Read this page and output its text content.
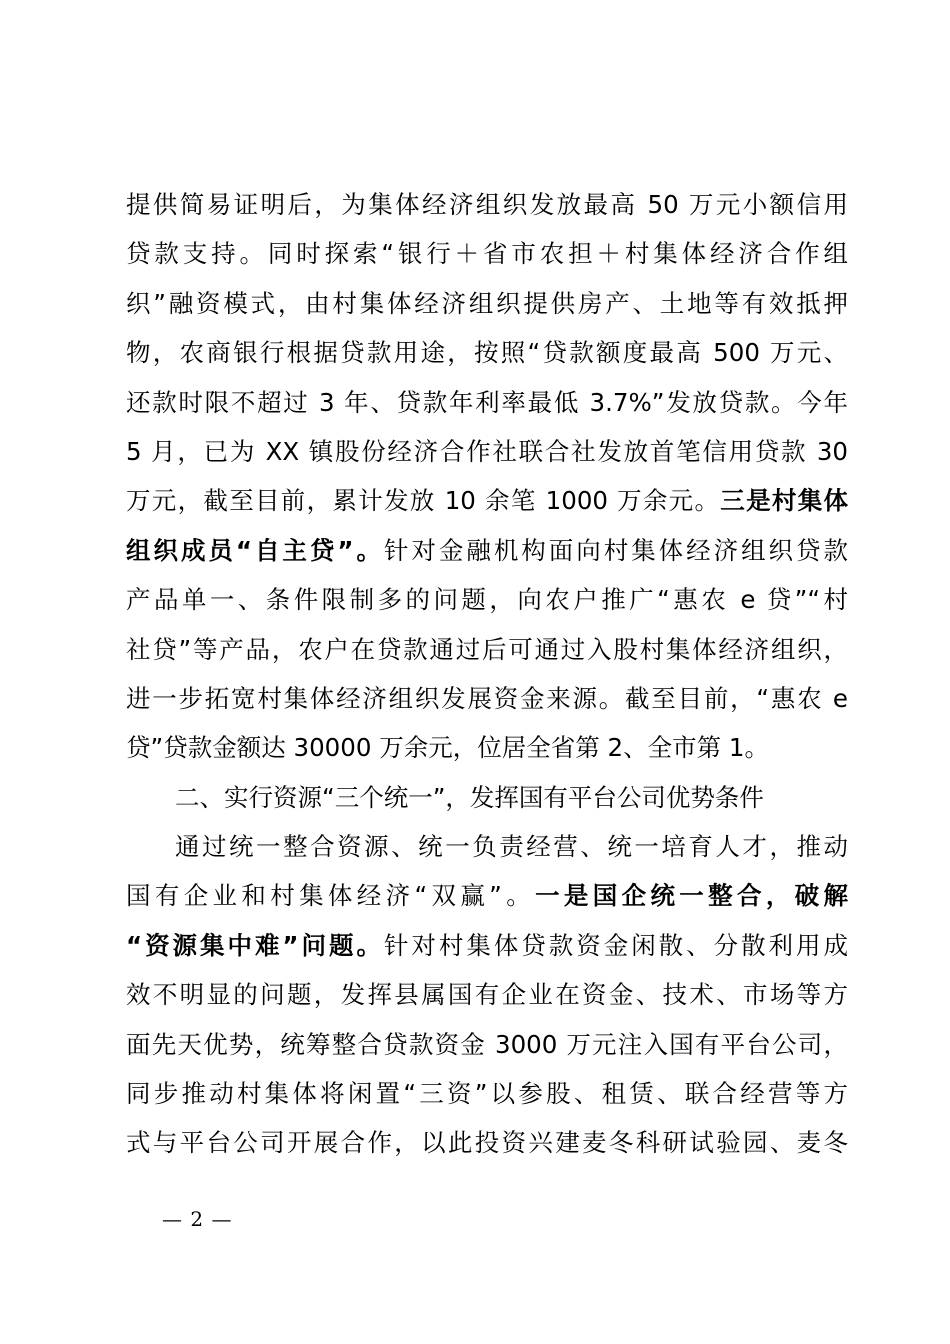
提供简易证明后，为集体经济组织发放最高 50 万元小额信用
贷款支持。同时探索“银行＋省市农担＋村集体经济合作组
织”融资模式，由村集体经济组织提供房产、土地等有效抵押
物，农商银行根据贷款用途，按照“贷款额度最高 500 万元、
还款时限不超过 3 年、贷款年利率最低 3.7%”发放贷款。今年
5 月，已为 XX 镇股份经济合作社联合社发放首笔信用贷款 30
万元，截至目前，累计发放 10 余笔 1000 万余元。三是村集体
组织成员“自主贷”。针对金融机构面向村集体经济组织贷款
产品单一、条件限制多的问题，向农户推广“惠农 e 贷”“村
社贷”等产品，农户在贷款通过后可通过入股村集体经济组织，
进一步拓宽村集体经济组织发展资金来源。截至目前，“惠农 e
贷”贷款金额达 30000 万余元，位居全省第 2、全市第 1。
二、实行资源“三个统一”，发挥国有平台公司优势条件
通过统一整合资源、统一负责经营、统一培育人才，推动
国有企业和村集体经济“双赢”。一是国企统一整合，破解
“资源集中难”问题。针对村集体贷款资金闲散、分散利用成
效不明显的问题，发挥县属国有企业在资金、技术、市场等方
面先天优势，统筹整合贷款资金 3000 万元注入国有平台公司，
同步推动村集体将闲置“三资”以参股、租赁、联合经营等方
式与平台公司开展合作，以此投资兴建麦冬科研试验园、麦冬
— 2 —
